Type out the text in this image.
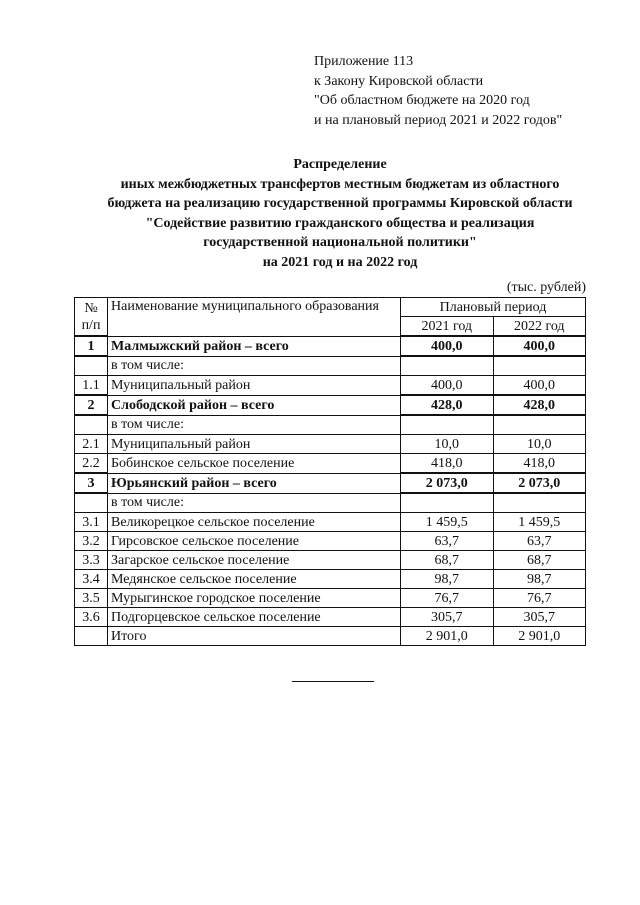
Приложение 113
к Закону Кировской области
"Об областном бюджете на 2020 год
и на плановый период 2021 и 2022 годов"
Распределение
иных межбюджетных трансфертов местным бюджетам из областного
бюджета на реализацию государственной программы Кировской области
"Содействие развитию гражданского общества и реализация
государственной национальной политики"
на 2021 год и на 2022 год
(тыс. рублей)
№ п/п	Наименование муниципального образования	Плановый период	
		2021 год	2022 год
1	Малмыжский район – всего	400,0	400,0
	в том числе:		
1.1	Муниципальный район	400,0	400,0
2	Слободской район – всего	428,0	428,0
	в том числе:		
2.1	Муниципальный район	10,0	10,0
2.2	Бобинское сельское поселение	418,0	418,0
3	Юрьянский район – всего	2 073,0	2 073,0
	в том числе:		
3.1	Великорецкое сельское поселение	1 459,5	1 459,5
3.2	Гирсовское сельское поселение	63,7	63,7
3.3	Загарское сельское поселение	68,7	68,7
3.4	Медянское сельское поселение	98,7	98,7
3.5	Мурыгинское городское поселение	76,7	76,7
3.6	Подгорцевское сельское поселение	305,7	305,7
	Итого	2 901,0	2 901,0
